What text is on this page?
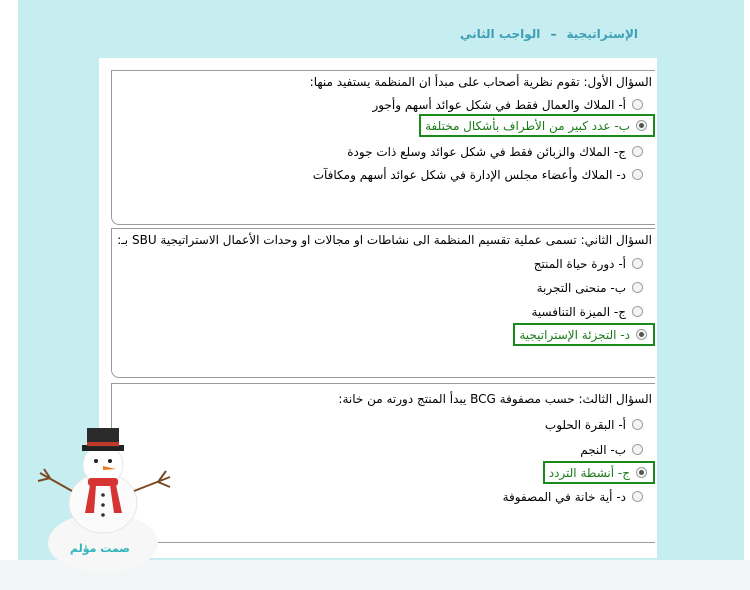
الإستراتيجية–الواجب الثاني
السؤال الأول: تقوم نظرية أصحاب على مبدأ ان المنظمة يستفيد منها:
أ- الملاك والعمال فقط في شكل عوائد أسهم وأجور
ب- عدد كبير من الأطراف بأشكال مختلفة
ج- الملاك والزبائن فقط في شكل عوائد وسلع ذات جودة
د- الملاك وأعضاء مجلس الإدارة في شكل عوائد أسهم ومكافآت
السؤال الثاني: تسمى عملية تقسيم المنظمة الى نشاطات او مجالات او وحدات الأعمال الاستراتيجية SBU بـ:
أ- دورة حياة المنتج
ب- منحنى التجربة
ج- الميزة التنافسية
د- التجزئة الإستراتيجية
السؤال الثالث: حسب مصفوفة BCG يبدأ المنتج دورته من خانة:
أ- البقرة الحلوب
ب- النجم
ج- أنشطة التردد
د- أية خانة في المصفوفة
صمت مؤلم
